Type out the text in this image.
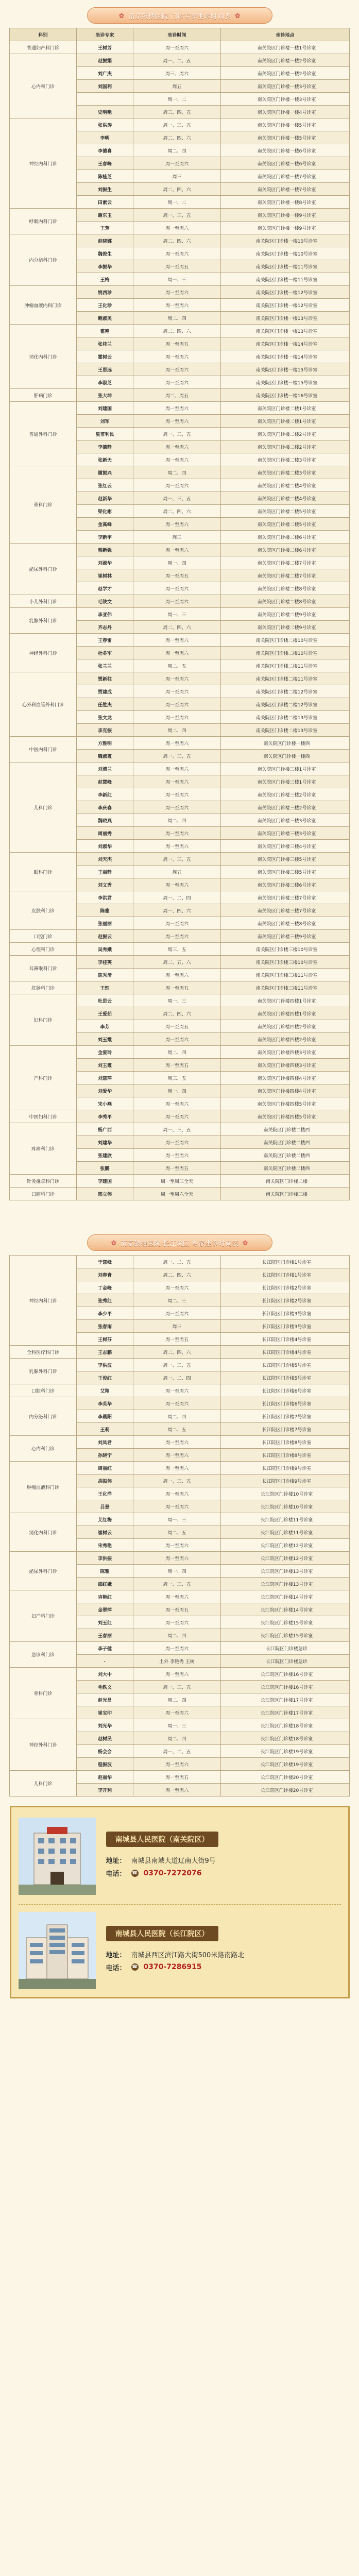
✿ 南京鼓楼医院 门诊专家坐诊时间表 ✿
科别	坐诊专家	坐诊时间	坐诊地点
普通妇产科门诊	王树芳	周一至周六	南关院区门诊楼一楼1号诊室
心内科门诊	赵振娟	周一、二、五	南关院区门诊楼一楼2号诊室
	刘广杰	周三、周六	南关院区门诊楼一楼2号诊室
	刘国利	周五	南关院区门诊楼一楼3号诊室
		周一、二	南关院区门诊楼一楼3号诊室
	史明艳	周三、四、五	南关院区门诊楼一楼4号诊室
神经内科门诊	张洪涛	周一、三、五	南关院区门诊楼一楼5号诊室
	李明	周二、四、六	南关院区门诊楼一楼5号诊室
	李德喜	周二、四	南关院区门诊楼一楼6号诊室
	王春峰	周一至周六	南关院区门诊楼一楼6号诊室
	陈桂芝	周三	南关院区门诊楼一楼7号诊室
	刘振生	周二、四、六	南关院区门诊楼一楼7号诊室
	田素云	周一、二	南关院区门诊楼一楼8号诊室
呼吸内科门诊	谢东玉	周一、三、五	南关院区门诊楼一楼9号诊室
	王芳	周一至周六	南关院区门诊楼一楼9号诊室
内分泌科门诊	赵晓娜	周二、四、六	南关院区门诊楼一楼10号诊室
	魏俊生	周一至周六	南关院区门诊楼一楼10号诊室
	李振华	周一至周五	南关院区门诊楼一楼11号诊室
	王梅	周一、三	南关院区门诊楼一楼11号诊室
肿瘤血液内科门诊	姚西珍	周一至周六	南关院区门诊楼一楼12号诊室
	王化珍	周一至周六	南关院区门诊楼一楼12号诊室
	鲍淑美	周二、四	南关院区门诊楼一楼13号诊室
消化内科门诊	霍艳	周二、四、六	南关院区门诊楼一楼13号诊室
	张桂兰	周一至周五	南关院区门诊楼一楼14号诊室
	霍树云	周一至周六	南关院区门诊楼一楼14号诊室
	王思远	周一至周六	南关院区门诊楼一楼15号诊室
	李淑芝	周一至周六	南关院区门诊楼一楼15号诊室
肝病门诊	张大坤	周二、周五	南关院区门诊楼一楼16号诊室
普通外科门诊	刘建国	周一至周六	南关院区门诊楼二楼1号诊室
	刘军	周一至周六	南关院区门诊楼二楼1号诊室
	皇甫利民	周一、三、五	南关院区门诊楼二楼2号诊室
	李德静	周一至周六	南关院区门诊楼二楼2号诊室
	张新天	周一至周六	南关院区门诊楼二楼3号诊室
骨科门诊	谢振兴	周二、四	南关院区门诊楼二楼3号诊室
	张红云	周一至周六	南关院区门诊楼二楼4号诊室
	赵新华	周一、三、五	南关院区门诊楼二楼4号诊室
	梁化彬	周二、四、六	南关院区门诊楼二楼5号诊室
	金高峰	周一至周六	南关院区门诊楼二楼5号诊室
	李新宇	周三	南关院区门诊楼二楼6号诊室
泌尿外科门诊	蔡新强	周一至周六	南关院区门诊楼二楼6号诊室
	刘淑华	周一、四	南关院区门诊楼二楼7号诊室
	崔树林	周一至周五	南关院区门诊楼二楼7号诊室
	赵学才	周一至周六	南关院区门诊楼二楼8号诊室
小儿外科门诊	毛铁文	周一至周六	南关院区门诊楼二楼8号诊室
乳腺外科门诊	李亚伟	周一、三	南关院区门诊楼二楼9号诊室
	齐志丹	周二、四、六	南关院区门诊楼二楼9号诊室
神经外科门诊	王春雷	周一至周六	南关院区门诊楼二楼10号诊室
	杜冬军	周一至周六	南关院区门诊楼二楼10号诊室
	张兰兰	周二、五	南关院区门诊楼二楼11号诊室
心外科血管外科门诊	贾新柱	周一至周六	南关院区门诊楼二楼11号诊室
	贾建成	周一至周六	南关院区门诊楼二楼12号诊室
	任胜杰	周一至周六	南关院区门诊楼二楼12号诊室
	张文龙	周一至周六	南关院区门诊楼二楼13号诊室
	李克振	周二、四	南关院区门诊楼二楼13号诊室
中医内科门诊	方雅明	周一至周六	南关院区门诊楼一楼西
	魏淑霞	周一、三、五	南关院区门诊楼一楼西
儿科门诊	刘清兰	周一至周六	南关院区门诊楼三楼1号诊室
	赵慧峰	周一至周六	南关院区门诊楼三楼1号诊室
	李新红	周一至周六	南关院区门诊楼三楼2号诊室
	李庆春	周一至周六	南关院区门诊楼三楼2号诊室
	魏晓燕	周二、四	南关院区门诊楼三楼3号诊室
	周丽秀	周一至周六	南关院区门诊楼三楼3号诊室
	刘淑华	周一至周六	南关院区门诊楼三楼4号诊室
眼科门诊	刘天杰	周一、三、五	南关院区门诊楼三楼5号诊室
	王丽静	周五	南关院区门诊楼三楼5号诊室
	刘文秀	周一至周六	南关院区门诊楼三楼6号诊室
皮肤科门诊	李洪君	周一、二、四	南关院区门诊楼三楼7号诊室
	陈雅	周一、四、六	南关院区门诊楼三楼7号诊室
	张丽丽	周一至周六	南关院区门诊楼三楼8号诊室
口腔门诊	赵振云	周一至周六	南关院区门诊楼三楼9号诊室
心理科门诊	吴秀娥	周三、五	南关院区门诊楼三楼10号诊室
耳鼻喉科门诊	李桂英	周二、五、六	南关院区门诊楼三楼10号诊室
	陈秀清	周一至周六	南关院区门诊楼三楼11号诊室
肛肠科门诊	王钰	周一至周五	南关院区门诊楼三楼11号诊室
妇科门诊	杜思云	周一、三	南关院区门诊楼四楼1号诊室
	王爱茹	周二、四、六	南关院区门诊楼四楼1号诊室
	李芳	周一至周五	南关院区门诊楼四楼2号诊室
	刘玉霞	周一至周六	南关院区门诊楼四楼2号诊室
产科门诊	金爱玲	周二、四	南关院区门诊楼四楼3号诊室
	刘玉霞	周一至周五	南关院区门诊楼四楼3号诊室
	刘慧萍	周三、五	南关院区门诊楼四楼4号诊室
	刘爱华	周一、四	南关院区门诊楼四楼4号诊室
	宋小燕	周一至周六	南关院区门诊楼四楼5号诊室
中医妇科门诊	李秀平	周一至周六	南关院区门诊楼四楼5号诊室
疼痛科门诊	杨广西	周一、三、五	南关院区门诊楼二楼西
	刘建华	周一至周六	南关院区门诊楼二楼西
	张建欣	周一至周六	南关院区门诊楼二楼西
	张鹏	周一至周五	南关院区门诊楼二楼西
针灸推拿科门诊	李建国	周一至周三全天	南关院区门诊楼二楼
口腔科门诊	邢立伟	周一至周六全天	南关院区门诊楼三楼
✿ 南京鼓楼医院 长江院区 专家坐诊时间表 ✿
神经内科门诊	于慧峰	周一、二、五	长江院区门诊楼1号诊室
	刘春青	周二、四、六	长江院区门诊楼1号诊室
	丁金峰	周一至周六	长江院区门诊楼2号诊室
	张秀红	周二、三	长江院区门诊楼2号诊室
	李少平	周一至周六	长江院区门诊楼3号诊室
	张春雨	周三	长江院区门诊楼3号诊室
	王树芬	周一至周五	长江院区门诊楼4号诊室
全科医疗科门诊	王志鹏	周二、四、六	长江院区门诊楼4号诊室
乳腺外科门诊	李洪波	周一、三、五	长江院区门诊楼5号诊室
	王俊红	周一、二、四	长江院区门诊楼5号诊室
口腔科门诊	艾翔	周一至周六	长江院区门诊楼6号诊室
内分泌科门诊	李英华	周一至周六	长江院区门诊楼6号诊室
	李晨阳	周二、四	长江院区门诊楼7号诊室
	王莉	周二、五	长江院区门诊楼7号诊室
心内科门诊	刘凤君	周一至周六	长江院区门诊楼8号诊室
	孙晓宁	周一至周六	长江院区门诊楼8号诊室
肿瘤血液科门诊	周丽红	周一至周六	长江院区门诊楼9号诊室
	胡振伟	周一、三、五	长江院区门诊楼9号诊室
	王化洋	周一至周六	长江院区门诊楼10号诊室
	吕登	周一至周六	长江院区门诊楼10号诊室
消化内科门诊	艾红梅	周一、三	长江院区门诊楼11号诊室
	崔树云	周二、五	长江院区门诊楼11号诊室
	宋秀艳	周一至周六	长江院区门诊楼12号诊室
泌尿外科门诊	李洪振	周一至周六	长江院区门诊楼12号诊室
	陈雅	周一、四	长江院区门诊楼13号诊室
	邵红娥	周一、三、五	长江院区门诊楼13号诊室
妇产科门诊	吉艳红	周一至周六	长江院区门诊楼14号诊室
	金翠萍	周一至周五	长江院区门诊楼14号诊室
	刘玉红	周一至周六	长江院区门诊楼15号诊室
	王春丽	周二、四	长江院区门诊楼15号诊室
急诊科门诊	李子健	周一至周六	长江院区门诊楼急诊
	.	土外 李艳秀 王树	长江院区门诊楼急诊
骨科门诊	刘大中	周一至周六	长江院区门诊楼16号诊室
	毛铁文	周一、三、五	长江院区门诊楼16号诊室
	赵光昌	周二、四	长江院区门诊楼17号诊室
	崔宝印	周一至周六	长江院区门诊楼17号诊室
神经外科门诊	刘光华	周一、三	长江院区门诊楼18号诊室
	赵树民	周二、四	长江院区门诊楼18号诊室
	杨会会	周一、二、五	长江院区门诊楼19号诊室
	程振波	周一至周六	长江院区门诊楼19号诊室
儿科门诊	赵丽华	周一至周五	长江院区门诊楼20号诊室
	李开利	周一至周六	长江院区门诊楼20号诊室
南城县人民医院（南关院区）
地址： 南城县南域大道辽南大街9号
电话： ☎ 0370-7272076
南城县人民医院（长江院区）
地址： 南城县西区滨江路大街500米路南路北
电话： ☎ 0370-7286915
